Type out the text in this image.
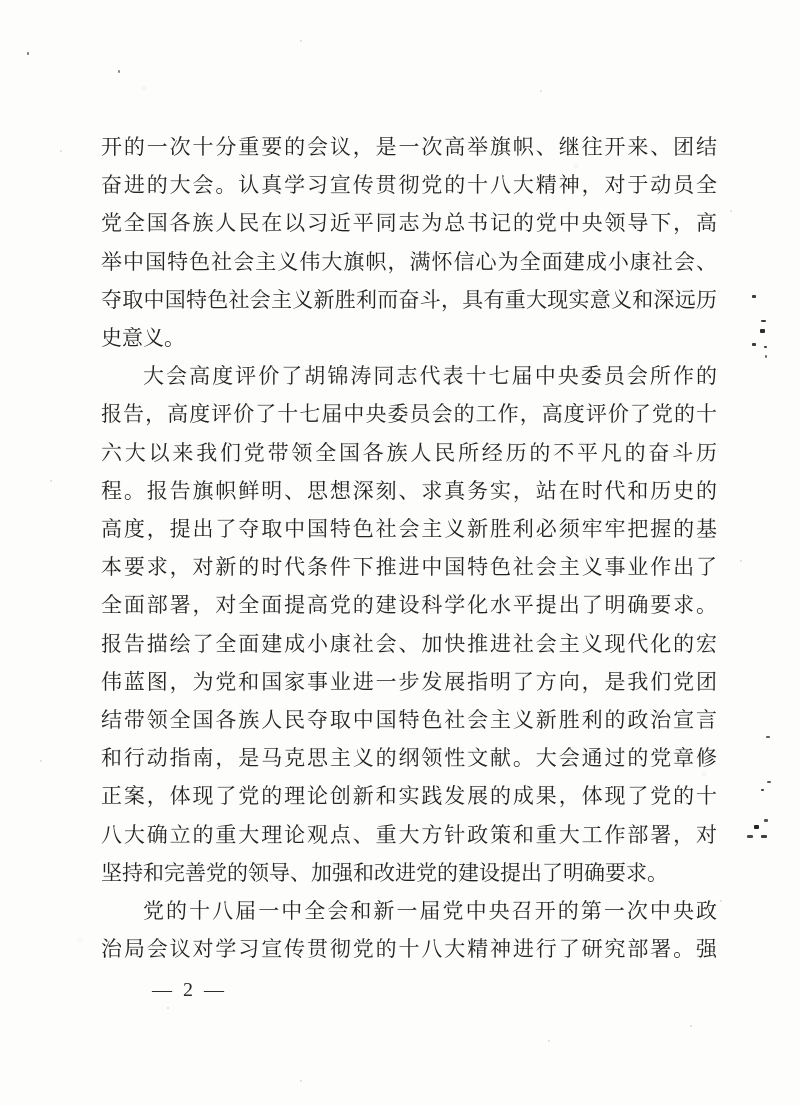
开的一次十分重要的会议，是一次高举旗帜、继往开来、团结
奋进的大会。认真学习宣传贯彻党的十八大精神，对于动员全
党全国各族人民在以习近平同志为总书记的党中央领导下，高
举中国特色社会主义伟大旗帜，满怀信心为全面建成小康社会、
夺取中国特色社会主义新胜利而奋斗，具有重大现实意义和深远历
史意义。
大会高度评价了胡锦涛同志代表十七届中央委员会所作的
报告，高度评价了十七届中央委员会的工作，高度评价了党的十
六大以来我们党带领全国各族人民所经历的不平凡的奋斗历
程。报告旗帜鲜明、思想深刻、求真务实，站在时代和历史的
高度，提出了夺取中国特色社会主义新胜利必须牢牢把握的基
本要求，对新的时代条件下推进中国特色社会主义事业作出了
全面部署，对全面提高党的建设科学化水平提出了明确要求。
报告描绘了全面建成小康社会、加快推进社会主义现代化的宏
伟蓝图，为党和国家事业进一步发展指明了方向，是我们党团
结带领全国各族人民夺取中国特色社会主义新胜利的政治宣言
和行动指南，是马克思主义的纲领性文献。大会通过的党章修
正案，体现了党的理论创新和实践发展的成果，体现了党的十
八大确立的重大理论观点、重大方针政策和重大工作部署，对
坚持和完善党的领导、加强和改进党的建设提出了明确要求。
党的十八届一中全会和新一届党中央召开的第一次中央政
治局会议对学习宣传贯彻党的十八大精神进行了研究部署。强
— 2 —
